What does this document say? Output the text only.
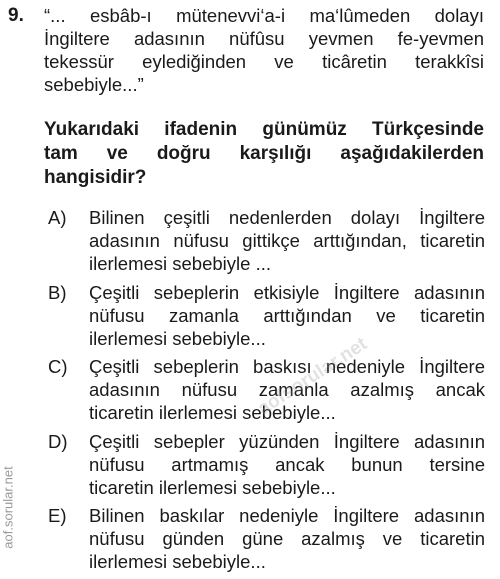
9. “... esbâb-ı mütenevvi‘a-i ma‘lûmeden dolayı
İngiltere adasının nüfûsu yevmen fe-yevmen
tekessür eylediğinden ve ticâretin terakkîsi
sebebiyle...”
Yukarıdaki ifadenin günümüz Türkçesinde
tam ve doğru karşılığı aşağıdakilerden
hangisidir?
A) Bilinen çeşitli nedenlerden dolayı İngiltere
adasının nüfusu gittikçe arttığından, ticaretin
ilerlemesi sebebiyle ...
B) Çeşitli sebeplerin etkisiyle İngiltere adasının
nüfusu zamanla arttığından ve ticaretin
ilerlemesi sebebiyle...
C) Çeşitli sebeplerin baskısı nedeniyle İngiltere
adasının nüfusu zamanla azalmış ancak
ticaretin ilerlemesi sebebiyle...
D) Çeşitli sebepler yüzünden İngiltere adasının
nüfusu artmamış ancak bunun tersine
ticaretin ilerlemesi sebebiyle...
E) Bilinen baskılar nedeniyle İngiltere adasının
nüfusu günden güne azalmış ve ticaretin
ilerlemesi sebebiyle...
aofsorular.net
aof.sorular.net
